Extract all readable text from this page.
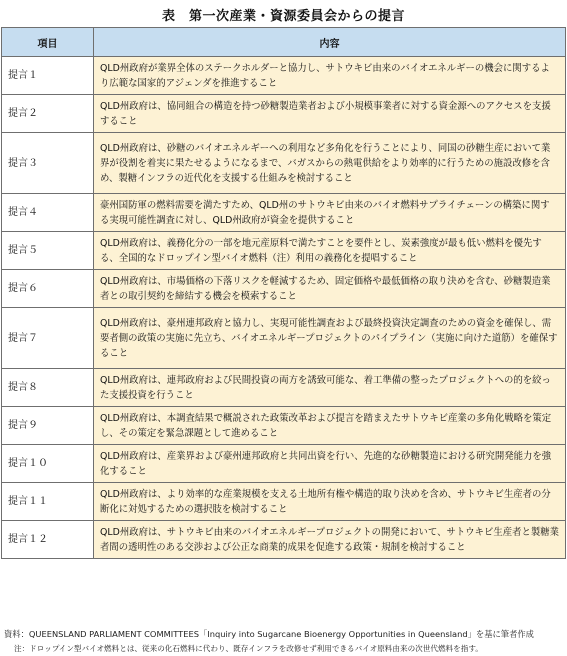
表　第一次産業・資源委員会からの提言
項目	内容
提言１	QLD州政府が業界全体のステークホルダーと協力し、サトウキビ由来のバイオエネルギーの機会に関するより広範な国家的アジェンダを推進すること
提言２	QLD州政府は、協同組合の構造を持つ砂糖製造業者および小規模事業者に対する資金源へのアクセスを支援すること
提言３	QLD州政府は、砂糖のバイオエネルギーへの利用など多角化を行うことにより、同国の砂糖生産において業界が役割を着実に果たせるようになるまで、バガスからの熱電供給をより効率的に行うための施設改修を含め、製糖インフラの近代化を支援する仕組みを検討すること
提言４	豪州国防軍の燃料需要を満たすため、QLD州のサトウキビ由来のバイオ燃料サプライチェーンの構築に関する実現可能性調査に対し、QLD州政府が資金を提供すること
提言５	QLD州政府は、義務化分の一部を地元産原料で満たすことを要件とし、炭素強度が最も低い燃料を優先する、全国的なドロップイン型バイオ燃料（注）利用の義務化を提唱すること
提言６	QLD州政府は、市場価格の下落リスクを軽減するため、固定価格や最低価格の取り決めを含む、砂糖製造業者との取引契約を締結する機会を模索すること
提言７	QLD州政府は、豪州連邦政府と協力し、実現可能性調査および最終投資決定調査のための資金を確保し、需要者側の政策の実施に先立ち、バイオエネルギープロジェクトのパイプライン（実施に向けた道筋）を確保すること
提言８	QLD州政府は、連邦政府および民間投資の両方を誘致可能な、着工準備の整ったプロジェクトへの的を絞った支援投資を行うこと
提言９	QLD州政府は、本調査結果で概説された政策改革および提言を踏まえたサトウキビ産業の多角化戦略を策定し、その策定を緊急課題として進めること
提言１０	QLD州政府は、産業界および豪州連邦政府と共同出資を行い、先進的な砂糖製造における研究開発能力を強化すること
提言１１	QLD州政府は、より効率的な産業規模を支える土地所有権や構造的取り決めを含め、サトウキビ生産者の分断化に対処するための選択肢を検討すること
提言１２	QLD州政府は、サトウキビ由来のバイオエネルギープロジェクトの開発において、サトウキビ生産者と製糖業者間の透明性のある交渉および公正な商業的成果を促進する政策・規制を検討すること
資料：QUEENSLAND PARLIAMENT COMMITTEES「Inquiry into Sugarcane Bioenergy Opportunities in Queensland」を基に筆者作成
注：ドロップイン型バイオ燃料とは、従来の化石燃料に代わり、既存インフラを改修せず利用できるバイオ原料由来の次世代燃料を指す。
